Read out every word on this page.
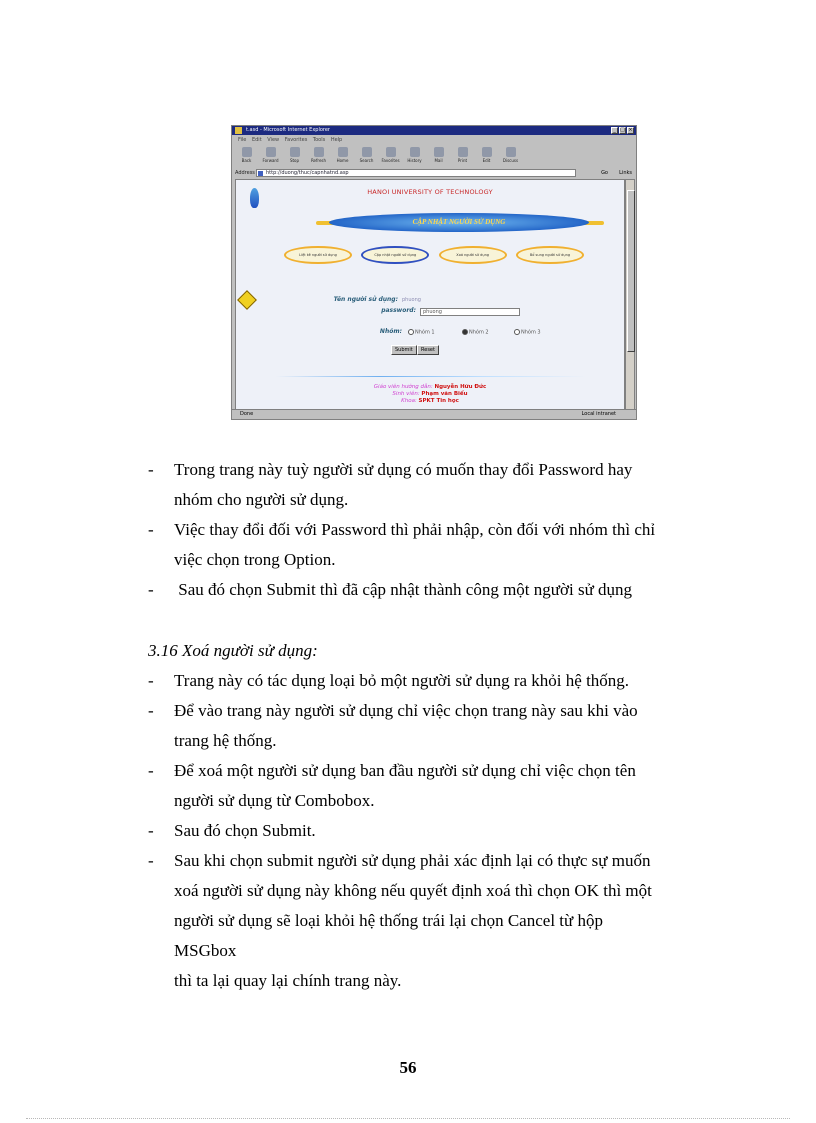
t.asd - Microsoft Internet Explorer	_ □ ×
File Edit View Favorites Tools Help
Back	Forward	Stop	Refresh	Home	Search Favorites History	Mail	Print	Edit	Discuss
Address	http://duong/thuc/capnhatnd.asp	Go Links
HANOI UNIVERSITY OF TECHNOLOGY
CẬP NHẬT NGƯỜI SỬ DỤNG
Liệt kê người sử dụng	Cập nhật người sử dụng	Xoá người sử dụng	Bổ sung người sử dụng
Tên người sử dụng: phuong
password:	phuong
Nhóm:	Nhóm 1	Nhóm 2	Nhóm 3
Submit	Reset
Giáo viên hướng dẫn: Nguyễn Hữu Đức
Sinh viên: Phạm văn Biểu
Khoa: SPKT Tin học
Done	Local intranet
- Trong trang này tuỳ người sử dụng có muốn thay đổi Password hay
nhóm cho người sử dụng.
- Việc thay đổi đối với Password thì phải nhập, còn đối với nhóm thì chỉ
việc chọn trong Option.
- Sau đó chọn Submit thì đã cập nhật thành công một người sử dụng
3.16 Xoá người sử dụng:
- Trang này có tác dụng loại bỏ một người sử dụng ra khỏi hệ thống.
- Để vào trang này người sử dụng chỉ việc chọn trang này sau khi vào
trang hệ thống.
- Để xoá một người sử dụng ban đầu người sử dụng chỉ việc chọn tên
người sử dụng từ Combobox.
- Sau đó chọn Submit.
- Sau khi chọn submit người sử dụng phải xác định lại có thực sự muốn
xoá người sử dụng này không nếu quyết định xoá thì chọn OK thì một
người sử dụng sẽ loại khỏi hệ thống trái lại chọn Cancel từ hộp
MSGbox
thì ta lại quay lại chính trang này.
56
